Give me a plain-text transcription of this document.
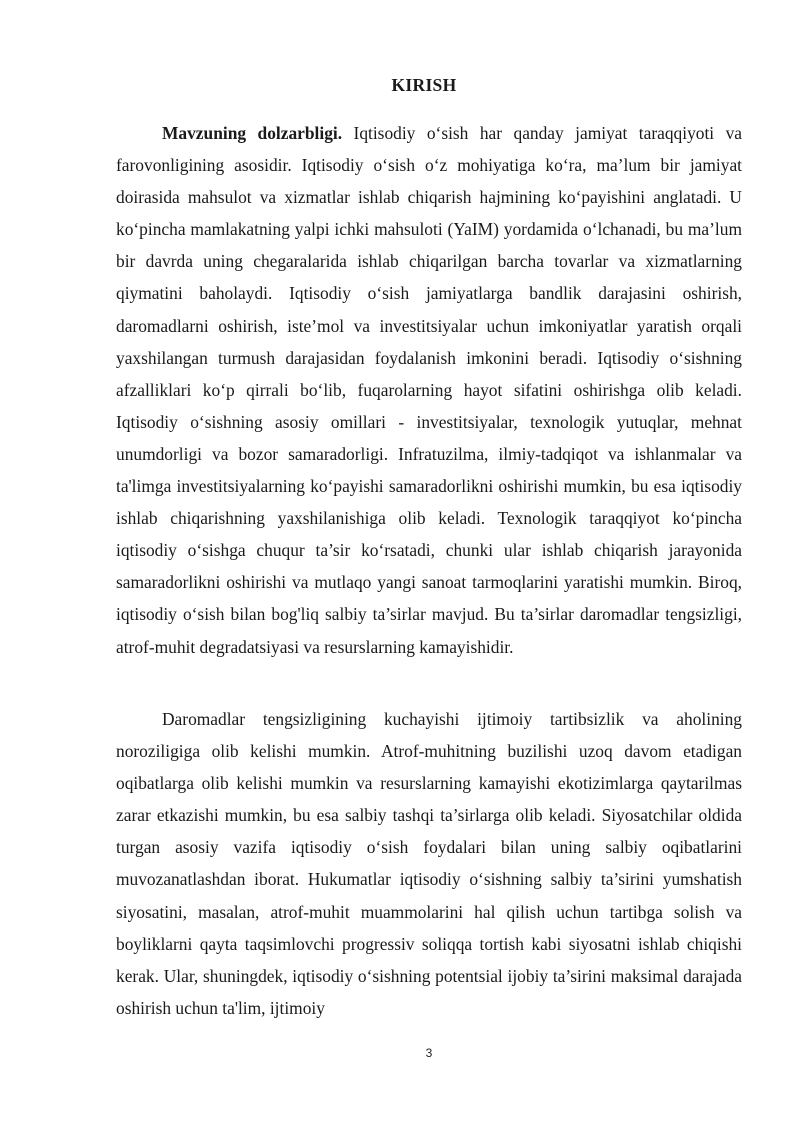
KIRISH

Mavzuning dolzarbligi. Iqtisodiy o‘sish har qanday jamiyat taraqqiyoti va farovonligining asosidir. Iqtisodiy o‘sish o‘z mohiyatiga ko‘ra, ma’lum bir jamiyat doirasida mahsulot va xizmatlar ishlab chiqarish hajmining ko‘payishini anglatadi. U ko‘pincha mamlakatning yalpi ichki mahsuloti (YaIM) yordamida o‘lchanadi, bu ma’lum bir davrda uning chegaralarida ishlab chiqarilgan barcha tovarlar va xizmatlarning qiymatini baholaydi. Iqtisodiy o‘sish jamiyatlarga bandlik darajasini oshirish, daromadlarni oshirish, iste’mol va investitsiyalar uchun imkoniyatlar yaratish orqali yaxshilangan turmush darajasidan foydalanish imkonini beradi. Iqtisodiy o‘sishning afzalliklari ko‘p qirrali bo‘lib, fuqarolarning hayot sifatini oshirishga olib keladi. Iqtisodiy o‘sishning asosiy omillari - investitsiyalar, texnologik yutuqlar, mehnat unumdorligi va bozor samaradorligi. Infratuzilma, ilmiy-tadqiqot va ishlanmalar va ta'limga investitsiyalarning ko‘payishi samaradorlikni oshirishi mumkin, bu esa iqtisodiy ishlab chiqarishning yaxshilanishiga olib keladi. Texnologik taraqqiyot ko‘pincha iqtisodiy o‘sishga chuqur ta’sir ko‘rsatadi, chunki ular ishlab chiqarish jarayonida samaradorlikni oshirishi va mutlaqo yangi sanoat tarmoqlarini yaratishi mumkin. Biroq, iqtisodiy o‘sish bilan bog'liq salbiy ta’sirlar mavjud. Bu ta’sirlar daromadlar tengsizligi, atrof-muhit degradatsiyasi va resurslarning kamayishidir.

Daromadlar tengsizligining kuchayishi ijtimoiy tartibsizlik va aholining noroziligiga olib kelishi mumkin. Atrof-muhitning buzilishi uzoq davom etadigan oqibatlarga olib kelishi mumkin va resurslarning kamayishi ekotizimlarga qaytarilmas zarar etkazishi mumkin, bu esa salbiy tashqi ta’sirlarga olib keladi. Siyosatchilar oldida turgan asosiy vazifa iqtisodiy o‘sish foydalari bilan uning salbiy oqibatlarini muvozanatlashdan iborat. Hukumatlar iqtisodiy o‘sishning salbiy ta’sirini yumshatish siyosatini, masalan, atrof-muhit muammolarini hal qilish uchun tartibga solish va boyliklarni qayta taqsimlovchi progressiv soliqqa tortish kabi siyosatni ishlab chiqishi kerak. Ular, shuningdek, iqtisodiy o‘sishning potentsial ijobiy ta’sirini maksimal darajada oshirish uchun ta'lim, ijtimoiy

3
